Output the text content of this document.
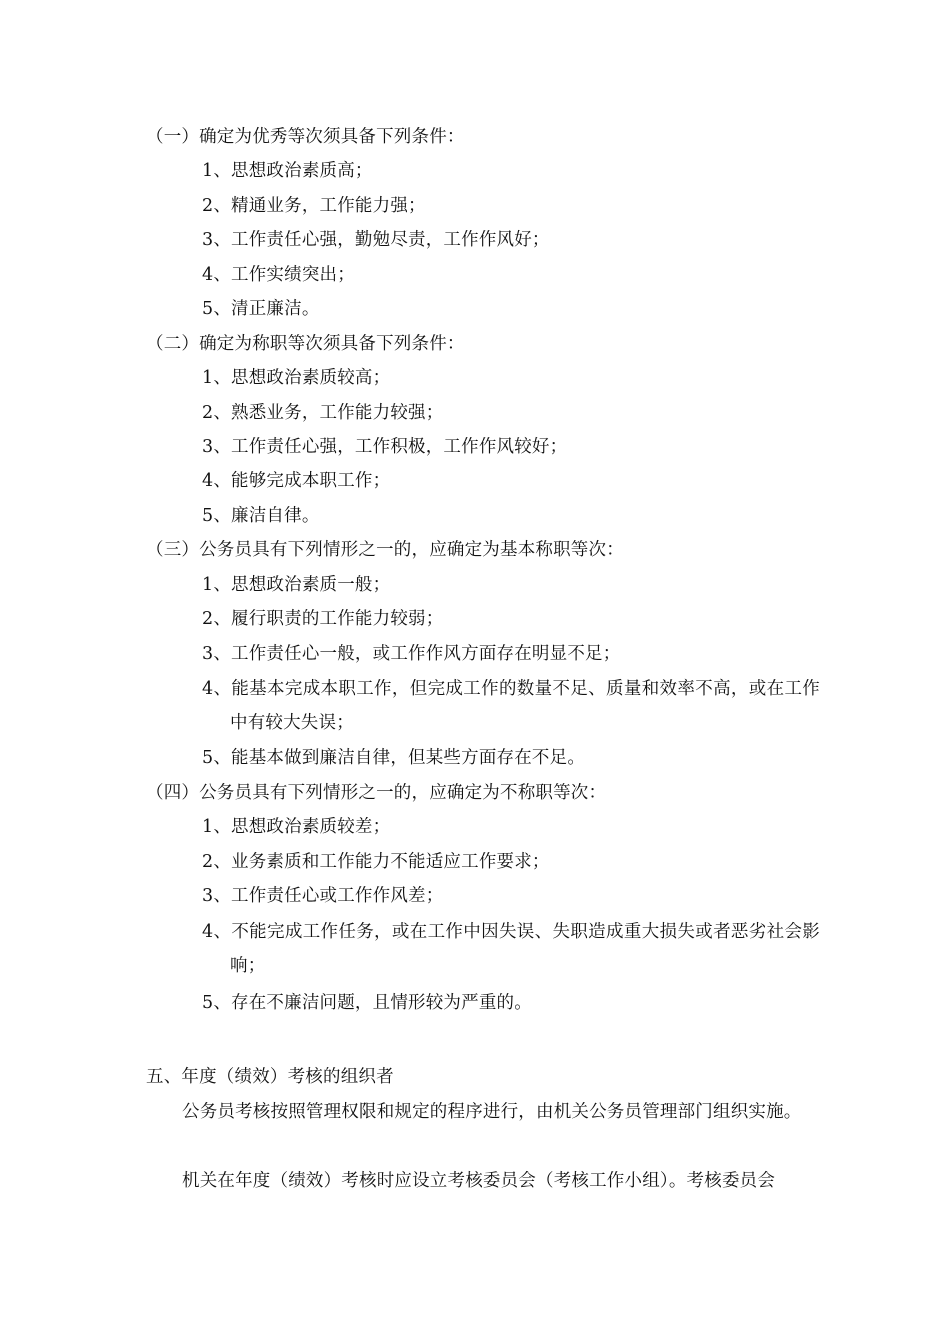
（一）确定为优秀等次须具备下列条件：
1、思想政治素质高；
2、精通业务，工作能力强；
3、工作责任心强，勤勉尽责，工作作风好；
4、工作实绩突出；
5、清正廉洁。
（二）确定为称职等次须具备下列条件：
1、思想政治素质较高；
2、熟悉业务，工作能力较强；
3、工作责任心强，工作积极，工作作风较好；
4、能够完成本职工作；
5、廉洁自律。
（三）公务员具有下列情形之一的，应确定为基本称职等次：
1、思想政治素质一般；
2、履行职责的工作能力较弱；
3、工作责任心一般，或工作作风方面存在明显不足；
4、能基本完成本职工作，但完成工作的数量不足、质量和效率不高，或在工作中有较大失误；
5、能基本做到廉洁自律，但某些方面存在不足。
（四）公务员具有下列情形之一的，应确定为不称职等次：
1、思想政治素质较差；
2、业务素质和工作能力不能适应工作要求；
3、工作责任心或工作作风差；
4、不能完成工作任务，或在工作中因失误、失职造成重大损失或者恶劣社会影响；
5、存在不廉洁问题，且情形较为严重的。
五、年度（绩效）考核的组织者
公务员考核按照管理权限和规定的程序进行，由机关公务员管理部门组织实施。
机关在年度（绩效）考核时应设立考核委员会（考核工作小组）。考核委员会
